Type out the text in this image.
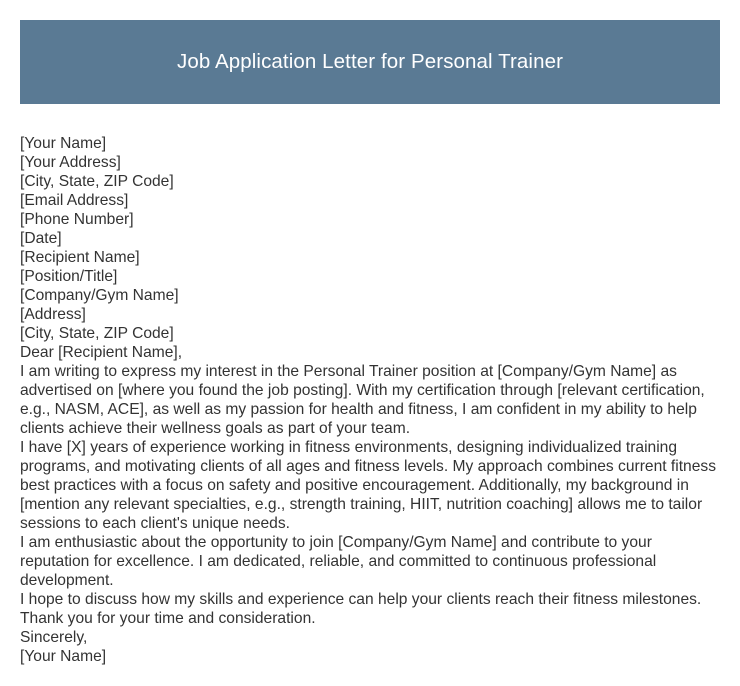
Job Application Letter for Personal Trainer
[Your Name]
[Your Address]
[City, State, ZIP Code]
[Email Address]
[Phone Number]
[Date]
[Recipient Name]
[Position/Title]
[Company/Gym Name]
[Address]
[City, State, ZIP Code]
Dear [Recipient Name],

I am writing to express my interest in the Personal Trainer position at [Company/Gym Name] as advertised on [where you found the job posting]. With my certification through [relevant certification, e.g., NASM, ACE], as well as my passion for health and fitness, I am confident in my ability to help clients achieve their wellness goals as part of your team.

I have [X] years of experience working in fitness environments, designing individualized training programs, and motivating clients of all ages and fitness levels. My approach combines current fitness best practices with a focus on safety and positive encouragement. Additionally, my background in [mention any relevant specialties, e.g., strength training, HIIT, nutrition coaching] allows me to tailor sessions to each client's unique needs.

I am enthusiastic about the opportunity to join [Company/Gym Name] and contribute to your reputation for excellence. I am dedicated, reliable, and committed to continuous professional development.

I hope to discuss how my skills and experience can help your clients reach their fitness milestones. Thank you for your time and consideration.

Sincerely,
[Your Name]
